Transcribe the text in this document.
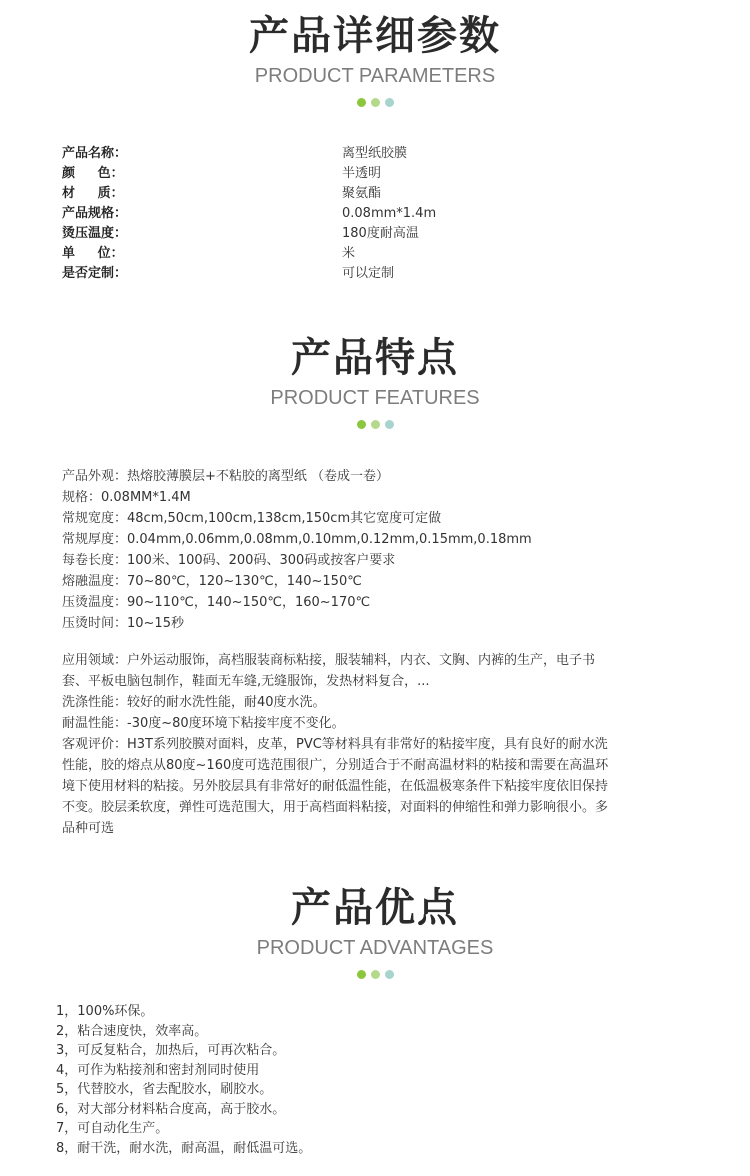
产品详细参数
PRODUCT PARAMETERS
产品名称：	离型纸胶膜
颜     色：	半透明
材     质：	聚氨酯
产品规格：	0.08mm*1.4m
烫压温度：	180度耐高温
单     位：	米
是否定制：	可以定制
产品特点
PRODUCT FEATURES
产品外观：热熔胶薄膜层+不粘胶的离型纸 （卷成一卷）
规格：0.08MM*1.4M
常规宽度：48cm,50cm,100cm,138cm,150cm其它宽度可定做
常规厚度：0.04mm,0.06mm,0.08mm,0.10mm,0.12mm,0.15mm,0.18mm
每卷长度：100米、100码、200码、300码或按客户要求
熔融温度：70~80℃，120~130℃，140~150℃
压烫温度：90~110℃，140~150℃，160~170℃
压烫时间：10~15秒
应用领域：户外运动服饰，高档服装商标粘接，服装辅料，内衣、文胸、内裤的生产，电子书
套、平板电脑包制作，鞋面无车缝,无缝服饰，发热材料复合，...
洗涤性能：较好的耐水洗性能，耐40度水洗。
耐温性能：-30度~80度环境下粘接牢度不变化。
客观评价：H3T系列胶膜对面料，皮革，PVC等材料具有非常好的粘接牢度，具有良好的耐水洗
性能，胶的熔点从80度~160度可选范围很广，分别适合于不耐高温材料的粘接和需要在高温环
境下使用材料的粘接。另外胶层具有非常好的耐低温性能，在低温极寒条件下粘接牢度依旧保持
不变。胶层柔软度，弹性可选范围大，用于高档面料粘接，对面料的伸缩性和弹力影响很小。多
品种可选
产品优点
PRODUCT ADVANTAGES
1，100%环保。
2，粘合速度快，效率高。
3，可反复粘合，加热后，可再次粘合。
4，可作为粘接剂和密封剂同时使用
5，代替胶水，省去配胶水，刷胶水。
6，对大部分材料粘合度高，高于胶水。
7，可自动化生产。
8，耐干洗，耐水洗，耐高温，耐低温可选。
